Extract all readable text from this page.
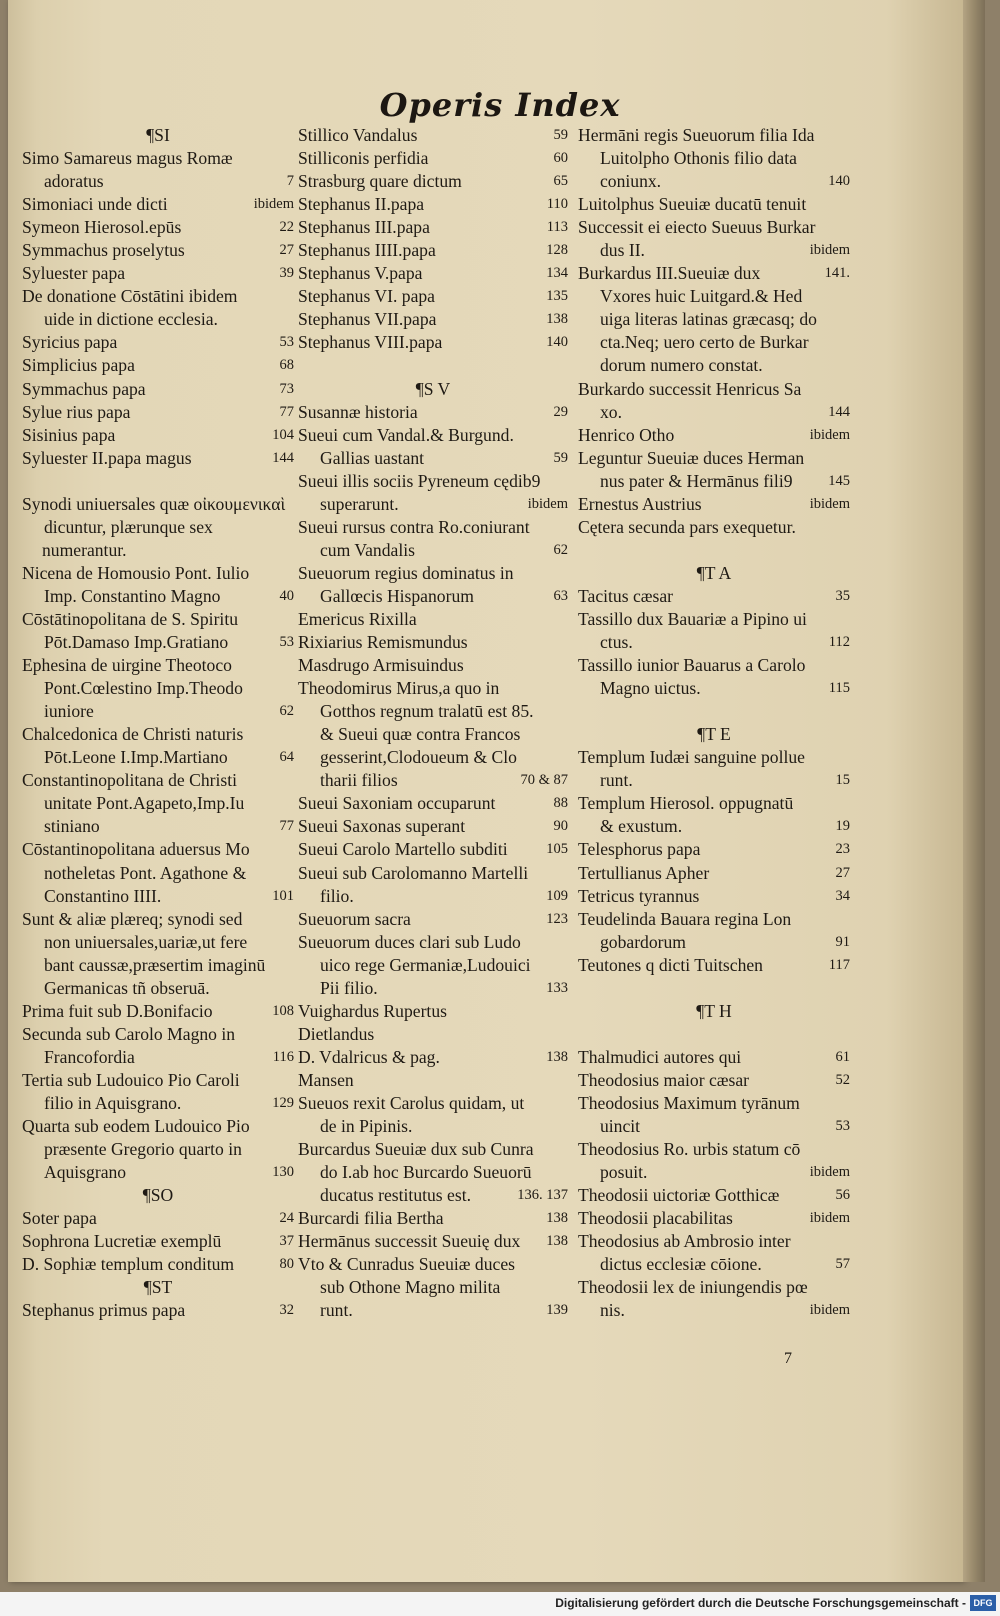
Operis Index
¶SI
Simo Samareus magus Romæ
adoratus	7
Simoniaci unde dicti	ibidem
Symeon Hierosol.epūs	22
Symmachus proselytus	27
Syluester papa	39
De donatione Cōstātini ibidem
uide in dictione ecclesia.
Syricius papa	53
Simplicius papa	68
Symmachus papa	73
Sylue rius papa	77
Sisinius papa	104
Syluester II.papa magus	144
Synodi uniuersales quæ οἰκουμενικαὶ
dicuntur, plærunque sex
numerantur.
Nicena de Homousio Pont. Iulio
Imp. Constantino Magno	40
Cōstātinopolitana de S. Spiritu
Pōt.Damaso Imp.Gratiano	53
Ephesina de uirgine Theotoco
Pont.Cœlestino Imp.Theodo
iuniore	62
Chalcedonica de Christi naturis
Pōt.Leone I.Imp.Martiano	64
Constantinopolitana de Christi
unitate Pont.Agapeto,Imp.Iu
stiniano	77
Cōstantinopolitana aduersus Mo
notheletas Pont. Agathone &
Constantino IIII.	101
Sunt & aliæ plæreq; synodi sed
non uniuersales,uariæ,ut fere
bant caussæ,præsertim imaginū
Germanicas tñ obseruā.
Prima fuit sub D.Bonifacio	108
Secunda sub Carolo Magno in
Francofordia	116
Tertia sub Ludouico Pio Caroli
filio in Aquisgrano.	129
Quarta sub eodem Ludouico Pio
præsente Gregorio quarto in
Aquisgrano	130
¶SO
Soter papa	24
Sophrona Lucretiæ exemplū	37
D. Sophiæ templum conditum	80
¶ST
Stephanus primus papa	32
Stillico Vandalus	59
Stilliconis perfidia	60
Strasburg quare dictum	65
Stephanus II.papa	110
Stephanus III.papa	113
Stephanus IIII.papa	128
Stephanus V.papa	134
Stephanus VI. papa	135
Stephanus VII.papa	138
Stephanus VIII.papa	140
¶S V
Susannæ historia	29
Sueui cum Vandal.& Burgund.
Gallias uastant	59
Sueui illis sociis Pyreneum cędib9
superarunt.	ibidem
Sueui rursus contra Ro.coniurant
cum Vandalis	62
Sueuorum regius dominatus in
Gallœcis Hispanorum	63
Emericus Rixilla
Rixiarius Remismundus
Masdrugo Armisuindus
Theodomirus Mirus,a quo in
Gotthos regnum tralatū est 85.
& Sueui quæ contra Francos
gesserint,Clodoueum & Clo
tharii filios	70 & 87
Sueui Saxoniam occuparunt	88
Sueui Saxonas superant	90
Sueui Carolo Martello subditi	105
Sueui sub Carolomanno Martelli
filio.	109
Sueuorum sacra	123
Sueuorum duces clari sub Ludo
uico rege Germaniæ,Ludouici
Pii filio.	133
Vuighardus Rupertus
Dietlandus
D. Vdalricus & pag.	138
Mansen
Sueuos rexit Carolus quidam, ut
de in Pipinis.
Burcardus Sueuiæ dux sub Cunra
do I.ab hoc Burcardo Sueuorū
ducatus restitutus est.	136. 137
Burcardi filia Bertha	138
Hermānus successit Sueuię dux 138
Vto & Cunradus Sueuiæ duces
sub Othone Magno milita
runt.	139
Hermāni regis Sueuorum filia Ida
Luitolpho Othonis filio data
coniunx.	140
Luitolphus Sueuiæ ducatū tenuit
Successit ei eiecto Sueuus Burkar
dus II.	ibidem
Burkardus III.Sueuiæ dux	141.
Vxores huic Luitgard.& Hed
uiga literas latinas græcasq; do
cta.Neq; uero certo de Burkar
dorum numero constat.
Burkardo successit Henricus Sa
xo.	144
Henrico Otho	ibidem
Leguntur Sueuiæ duces Herman
nus pater & Hermānus fili9 145
Ernestus Austrius	ibidem
Cętera secunda pars exequetur.
¶T A
Tacitus cæsar	35
Tassillo dux Bauariæ a Pipino ui
ctus.	112
Tassillo iunior Bauarus a Carolo
Magno uictus.	115
¶T E
Templum Iudæi sanguine pollue
runt.	15
Templum Hierosol. oppugnatū
& exustum.	19
Telesphorus papa	23
Tertullianus Apher	27
Tetricus tyrannus	34
Teudelinda Bauara regina Lon
gobardorum	91
Teutones q dicti Tuitschen	117
¶T H
Thalmudici autores qui	61
Theodosius maior cæsar	52
Theodosius Maximum tyrānum
uincit	53
Theodosius Ro. urbis statum cō
posuit.	ibidem
Theodosii uictoriæ Gotthicæ	56
Theodosii placabilitas	ibidem
Theodosius ab Ambrosio inter
dictus ecclesiæ cōione.	57
Theodosii lex de iniungendis pœ
nis.	ibidem
7
Digitalisierung gefördert durch die Deutsche Forschungsgemeinschaft - DFG
